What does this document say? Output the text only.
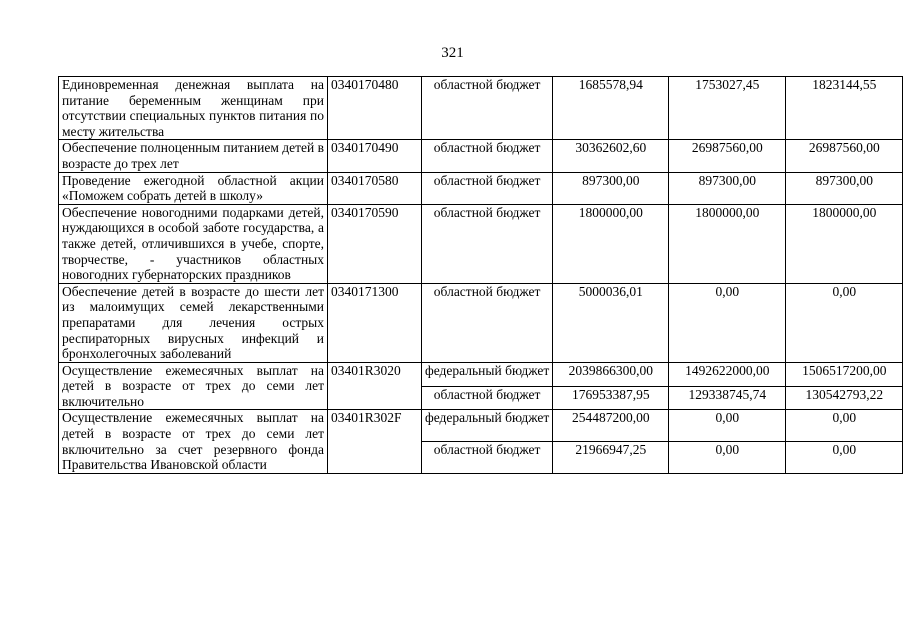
321
Единовременная денежная выплата на питание беременным женщинам при отсутствии специальных пунктов питания по месту жительства	0340170480	областной бюджет	1685578,94	1753027,45	1823144,55
Обеспечение полноценным питанием детей в возрасте до трех лет	0340170490	областной бюджет	30362602,60	26987560,00	26987560,00
Проведение ежегодной областной акции «Поможем собрать детей в школу»	0340170580	областной бюджет	897300,00	897300,00	897300,00
Обеспечение новогодними подарками детей, нуждающихся в особой заботе государства, а также детей, отличившихся в учебе, спорте, творчестве, - участников областных новогодних губернаторских праздников	0340170590	областной бюджет	1800000,00	1800000,00	1800000,00
Обеспечение детей в возрасте до шести лет из малоимущих семей лекарственными препаратами для лечения острых респираторных вирусных инфекций и бронхолегочных заболеваний	0340171300	областной бюджет	5000036,01	0,00	0,00
Осуществление ежемесячных выплат на детей в возрасте от трех до семи лет включительно	03401R3020	федеральный бюджет	2039866300,00	1492622000,00	1506517200,00
		областной бюджет	176953387,95	129338745,74	130542793,22
Осуществление ежемесячных выплат на детей в возрасте от трех до семи лет включительно за счет резервного фонда Правительства Ивановской области	03401R302F	федеральный бюджет	254487200,00	0,00	0,00
		областной бюджет	21966947,25	0,00	0,00
